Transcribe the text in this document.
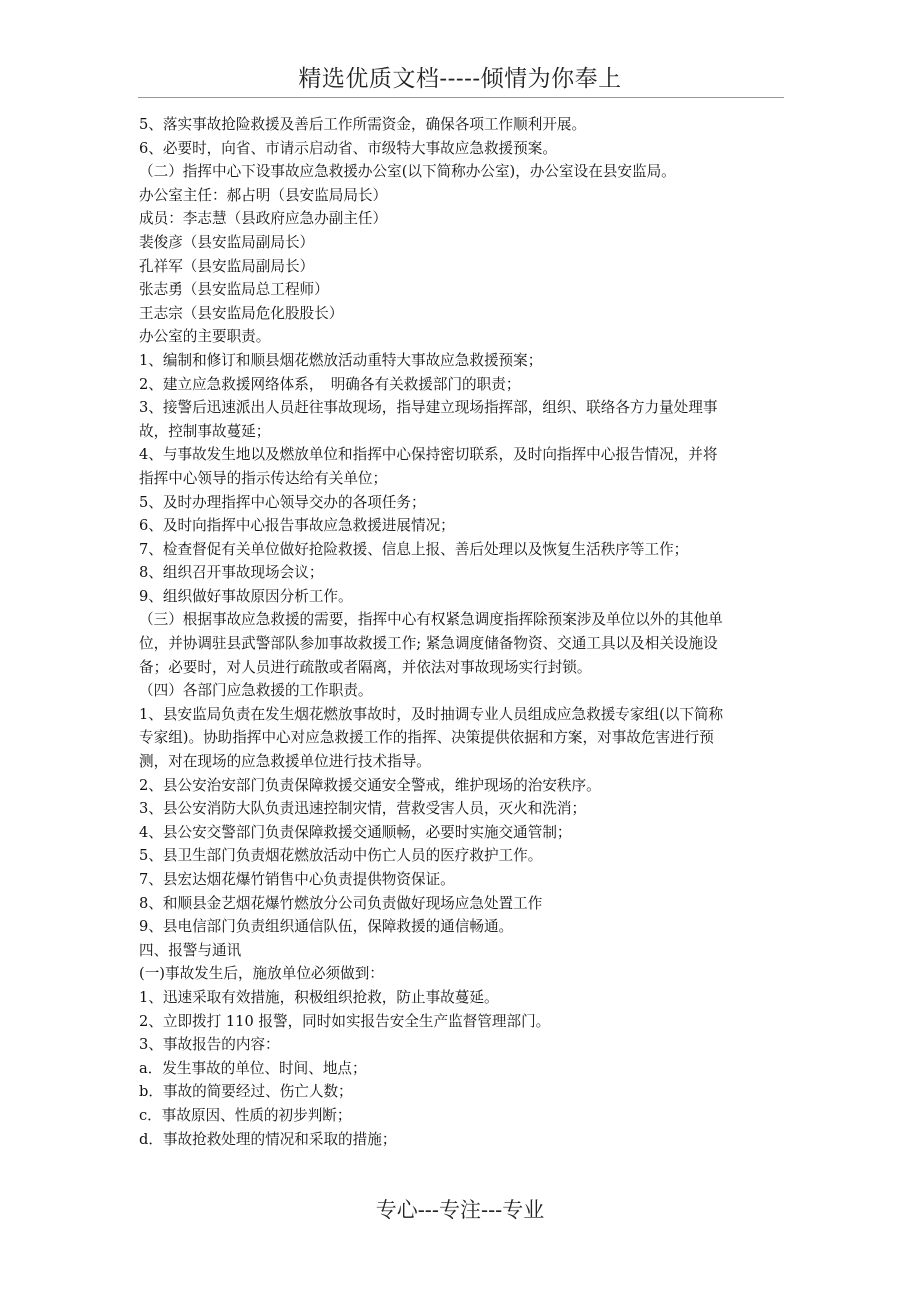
精选优质文档-----倾情为你奉上
5、落实事故抢险救援及善后工作所需资金，确保各项工作顺利开展。
6、必要时，向省、市请示启动省、市级特大事故应急救援预案。
（二）指挥中心下设事故应急救援办公室(以下简称办公室)，办公室设在县安监局。
办公室主任：郝占明（县安监局局长）
成员：李志慧（县政府应急办副主任）
裴俊彦（县安监局副局长）
孔祥军（县安监局副局长）
张志勇（县安监局总工程师）
王志宗（县安监局危化股股长）
办公室的主要职责。
1、编制和修订和顺县烟花燃放活动重特大事故应急救援预案；
2、建立应急救援网络体系，　明确各有关救援部门的职责；
3、接警后迅速派出人员赶往事故现场，指导建立现场指挥部，组织、联络各方力量处理事
故，控制事故蔓延；
4、与事故发生地以及燃放单位和指挥中心保持密切联系，及时向指挥中心报告情况，并将
指挥中心领导的指示传达给有关单位；
5、及时办理指挥中心领导交办的各项任务；
6、及时向指挥中心报告事故应急救援进展情况；
7、检查督促有关单位做好抢险救援、信息上报、善后处理以及恢复生活秩序等工作；
8、组织召开事故现场会议；
9、组织做好事故原因分析工作。
（三）根据事故应急救援的需要，指挥中心有权紧急调度指挥除预案涉及单位以外的其他单
位，并协调驻县武警部队参加事故救援工作; 紧急调度储备物资、交通工具以及相关设施设
备；必要时，对人员进行疏散或者隔离，并依法对事故现场实行封锁。
（四）各部门应急救援的工作职责。
1、县安监局负责在发生烟花燃放事故时，及时抽调专业人员组成应急救援专家组(以下简称
专家组)。协助指挥中心对应急救援工作的指挥、决策提供依据和方案，对事故危害进行预
测，对在现场的应急救援单位进行技术指导。
2、县公安治安部门负责保障救援交通安全警戒，维护现场的治安秩序。
3、县公安消防大队负责迅速控制灾情，营救受害人员，灭火和洗消；
4、县公安交警部门负责保障救援交通顺畅，必要时实施交通管制；
5、县卫生部门负责烟花燃放活动中伤亡人员的医疗救护工作。
7、县宏达烟花爆竹销售中心负责提供物资保证。
8、和顺县金艺烟花爆竹燃放分公司负责做好现场应急处置工作
9、县电信部门负责组织通信队伍，保障救援的通信畅通。
四、报警与通讯
(一)事故发生后，施放单位必须做到：
1、迅速采取有效措施，积极组织抢救，防止事故蔓延。
2、立即拨打 110 报警，同时如实报告安全生产监督管理部门。
3、事故报告的内容：
a．发生事故的单位、时间、地点；
b．事故的简要经过、伤亡人数；
c．事故原因、性质的初步判断；
d．事故抢救处理的情况和采取的措施；
专心---专注---专业
